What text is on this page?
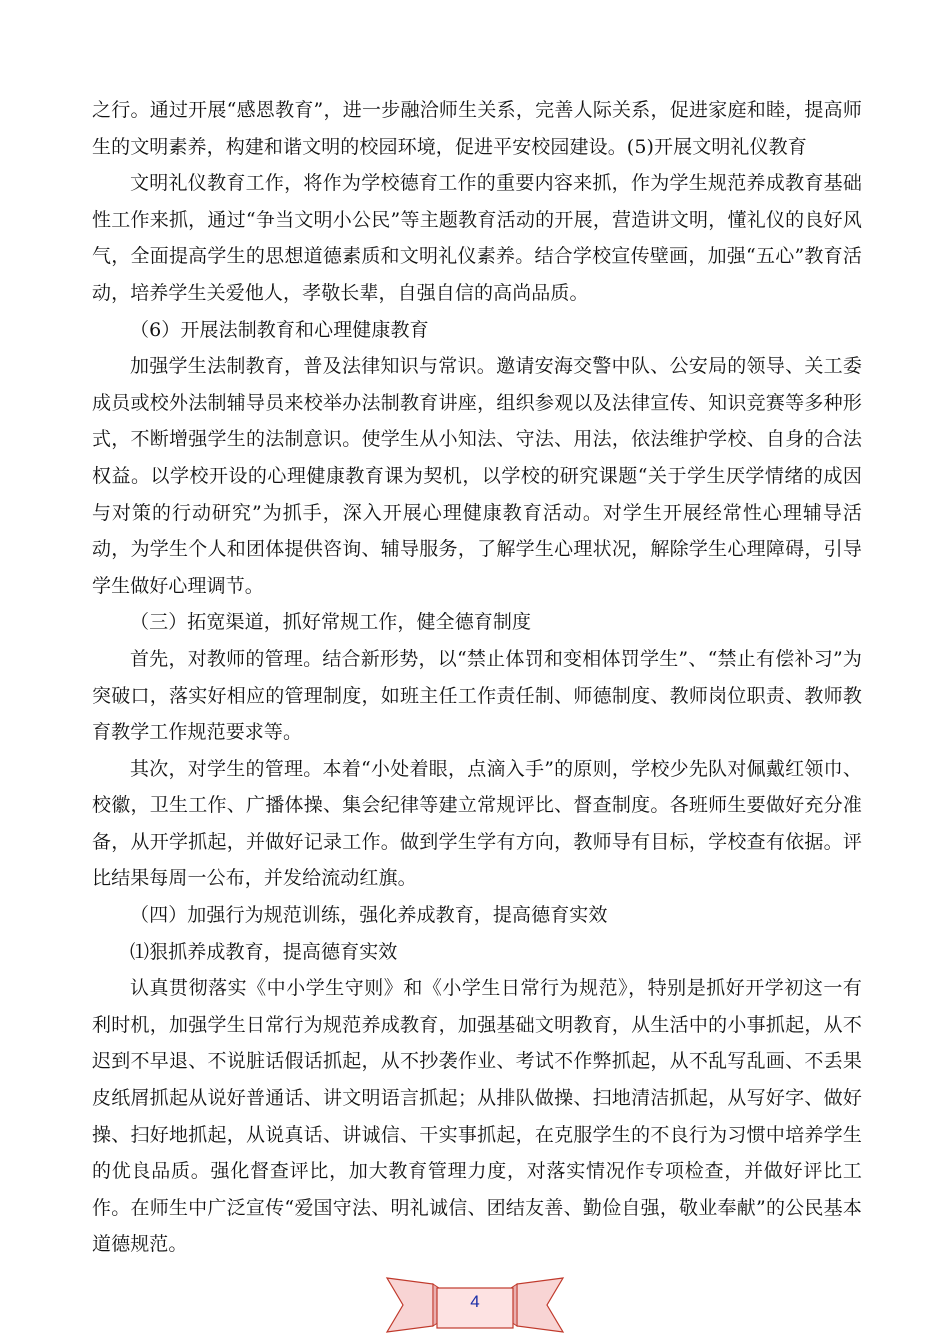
之行。通过开展“感恩教育”，进一步融洽师生关系，完善人际关系，促进家庭和睦，提高师生的文明素养，构建和谐文明的校园环境，促进平安校园建设。(5)开展文明礼仪教育

文明礼仪教育工作，将作为学校德育工作的重要内容来抓，作为学生规范养成教育基础性工作来抓，通过“争当文明小公民”等主题教育活动的开展，营造讲文明，懂礼仪的良好风气，全面提高学生的思想道德素质和文明礼仪素养。结合学校宣传壁画，加强“五心”教育活动，培养学生关爱他人，孝敬长辈，自强自信的高尚品质。

（6）开展法制教育和心理健康教育

加强学生法制教育，普及法律知识与常识。邀请安海交警中队、公安局的领导、关工委成员或校外法制辅导员来校举办法制教育讲座，组织参观以及法律宣传、知识竞赛等多种形式，不断增强学生的法制意识。使学生从小知法、守法、用法，依法维护学校、自身的合法权益。以学校开设的心理健康教育课为契机，以学校的研究课题“关于学生厌学情绪的成因与对策的行动研究”为抓手，深入开展心理健康教育活动。对学生开展经常性心理辅导活动，为学生个人和团体提供咨询、辅导服务，了解学生心理状况，解除学生心理障碍，引导学生做好心理调节。

（三）拓宽渠道，抓好常规工作，健全德育制度

首先，对教师的管理。结合新形势，以“禁止体罚和变相体罚学生”、“禁止有偿补习”为突破口，落实好相应的管理制度，如班主任工作责任制、师德制度、教师岗位职责、教师教育教学工作规范要求等。

其次，对学生的管理。本着“小处着眼，点滴入手”的原则，学校少先队对佩戴红领巾、校徽，卫生工作、广播体操、集会纪律等建立常规评比、督查制度。各班师生要做好充分准备，从开学抓起，并做好记录工作。做到学生学有方向，教师导有目标，学校查有依据。评比结果每周一公布，并发给流动红旗。

（四）加强行为规范训练，强化养成教育，提高德育实效

⑴狠抓养成教育，提高德育实效

认真贯彻落实《中小学生守则》和《小学生日常行为规范》，特别是抓好开学初这一有利时机，加强学生日常行为规范养成教育，加强基础文明教育，从生活中的小事抓起，从不迟到不早退、不说脏话假话抓起，从不抄袭作业、考试不作弊抓起，从不乱写乱画、不丢果皮纸屑抓起从说好普通话、讲文明语言抓起；从排队做操、扫地清洁抓起，从写好字、做好操、扫好地抓起，从说真话、讲诚信、干实事抓起，在克服学生的不良行为习惯中培养学生的优良品质。强化督查评比，加大教育管理力度，对落实情况作专项检查，并做好评比工作。在师生中广泛宣传“爱国守法、明礼诚信、团结友善、勤俭自强，敬业奉献”的公民基本道德规范。

4
